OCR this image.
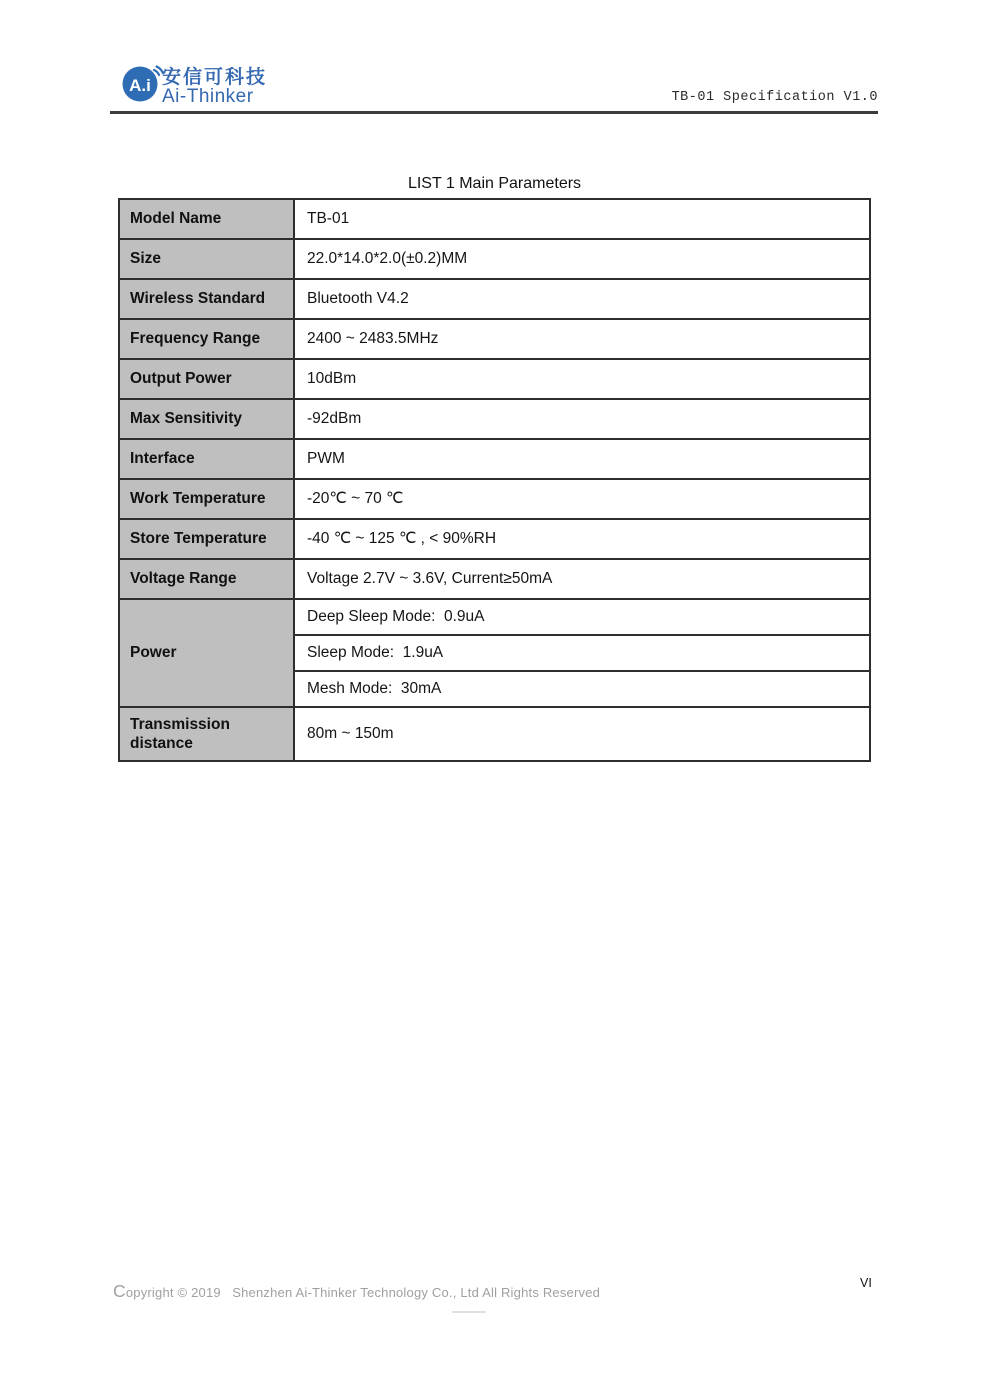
A.i 安信可科技
Ai-Thinker	TB-01 Specification V1.0
LIST 1 Main Parameters
Model Name	TB-01
Size	22.0*14.0*2.0(±0.2)MM
Wireless Standard	Bluetooth V4.2
Frequency Range	2400 ~ 2483.5MHz
Output Power	10dBm
Max Sensitivity	-92dBm
Interface	PWM
Work Temperature	-20℃ ~ 70 ℃
Store Temperature	-40 ℃ ~ 125 ℃ , < 90%RH
Voltage Range	Voltage 2.7V ~ 3.6V, Current≥50mA
Power	Deep Sleep Mode:  0.9uA
	Sleep Mode:  1.9uA
	Mesh Mode:  30mA
Transmission distance	80m ~ 150m
Copyright © 2019   Shenzhen Ai-Thinker Technology Co., Ltd All Rights Reserved
VI
